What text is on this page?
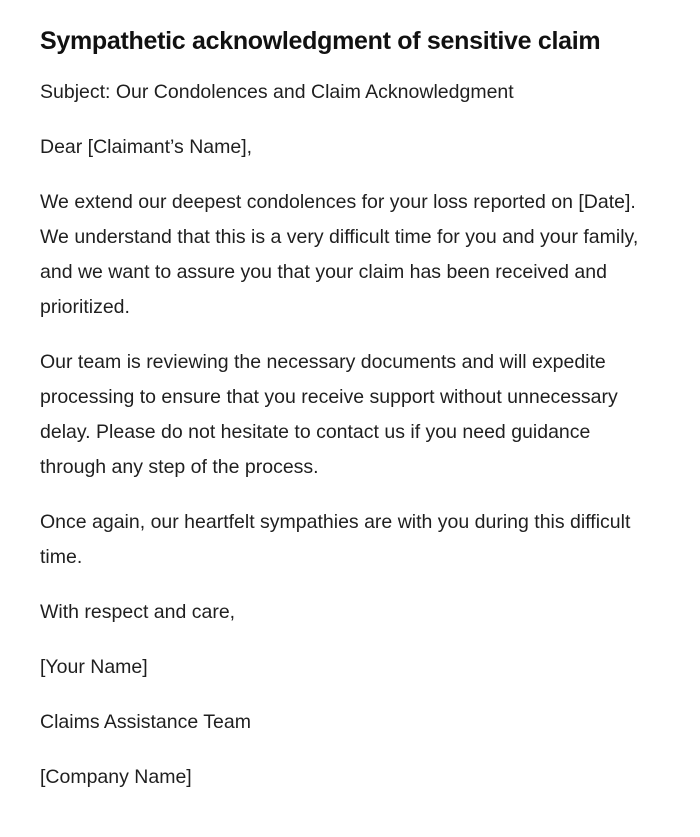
Sympathetic acknowledgment of sensitive claim

Subject: Our Condolences and Claim Acknowledgment

Dear [Claimant’s Name],

We extend our deepest condolences for your loss reported on [Date]. We understand that this is a very difficult time for you and your family, and we want to assure you that your claim has been received and prioritized.

Our team is reviewing the necessary documents and will expedite processing to ensure that you receive support without unnecessary delay. Please do not hesitate to contact us if you need guidance through any step of the process.

Once again, our heartfelt sympathies are with you during this difficult time.

With respect and care,

[Your Name]

Claims Assistance Team

[Company Name]
